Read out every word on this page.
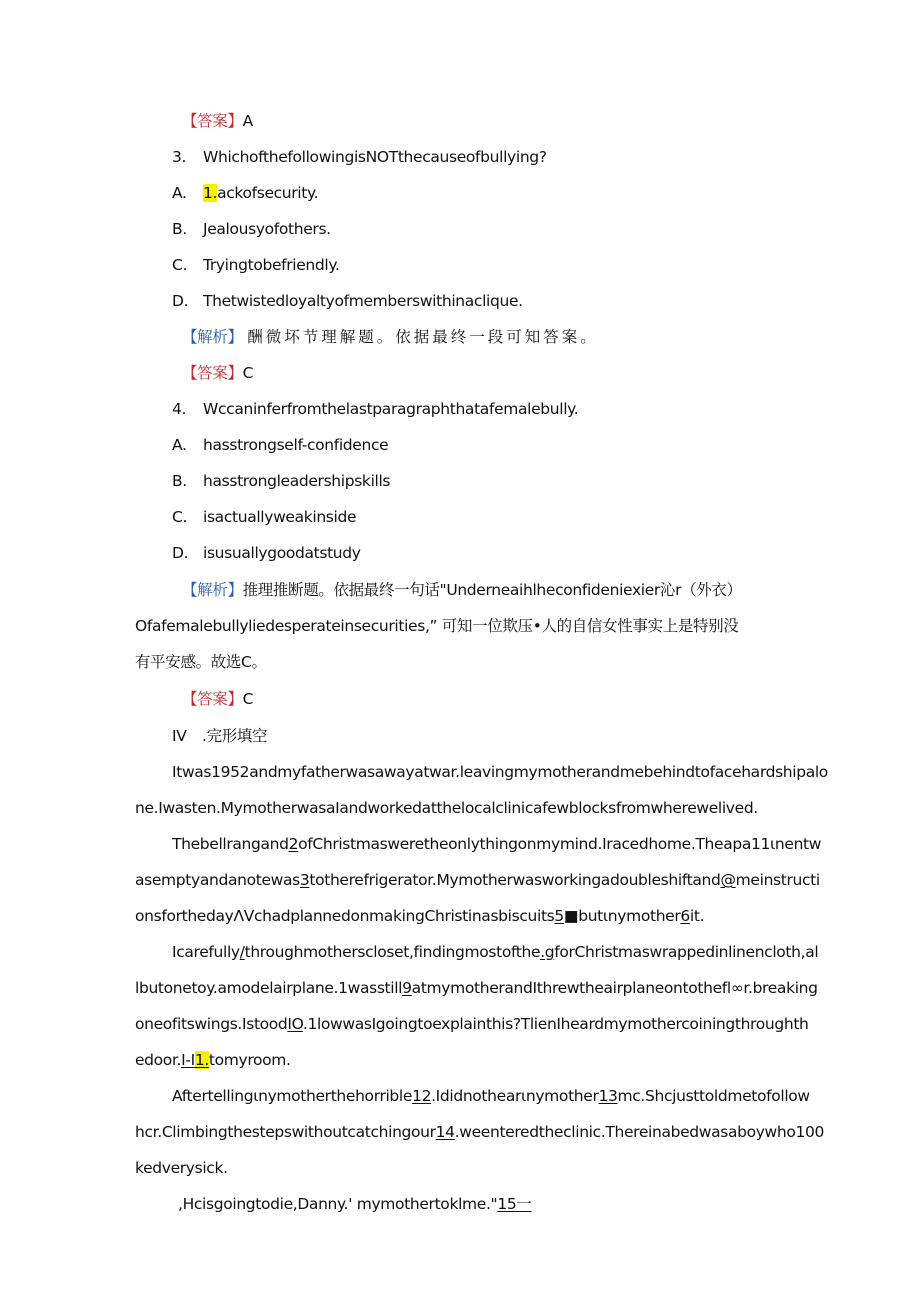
【答案】A
3. WhichofthefollowingisNOTthecauseofbullying?
A. 1.ackofsecurity.
B. Jealousyofothers.
C. Tryingtobefriendly.
D. Thetwistedloyaltyofmemberswithinaclique.
【解析】 酬微坏节理解题。依据最终一段可知答案。
【答案】C
4. Wccaninferfromthelastparagraphthatafemalebully.
A. hasstrongself-confidence
B. hasstrongleadershipskills
C. isactuallyweakinside
D. isusuallygoodatstudy
【解析】推理推断题。依据最终一句话"Underneaihlheconfideniexier沁r（外衣）
Ofafemalebullyliedesperateinsecurities,” 可知一位欺压•人的自信女性事实上是特别没
有平安感。故选C。
【答案】C
IV .完形填空
Itwas1952andmyfatherwasawayatwar.leavingmymotherandmebehindtofacehardshipalo
ne.Iwasten.MymotherwasaIandworkedatthelocalclinicafewblocksfromwherewelived.
Thebellrangand2ofChristmasweretheonlythingonmymind.Iracedhome.Theapa11ιnentw
asemptyandanotewas3totherefrigerator.Mymotherwasworkingadoubleshiftand@meinstructi
onsforthedayΛVchadplannedonmakingChristinasbiscuits5■butιnymother6it.
Icarefully/throughmotherscloset,findingmostofthe.gforChristmaswrappedinlinencloth,al
lbutonetoy.amodelairplane.1wasstill9atmymotherandIthrewtheairplaneontothefl∞r.breaking
oneofitswings.IstoodIO.1lowwasIgoingtoexplainthis?TlienIheardmymothercoiningthroughth
edoor.I-I1.tomyroom.
Aftertellingιnymotherthehorrible12.Ididnothearιnymother13mc.Shcjusttoldmetofollow
hcr.Climbingthestepswithoutcatchingour14.weenteredtheclinic.Thereinabedwasaboywho100
kedverysick.
,Hcisgoingtodie,Danny.' mymothertoklme."15一
